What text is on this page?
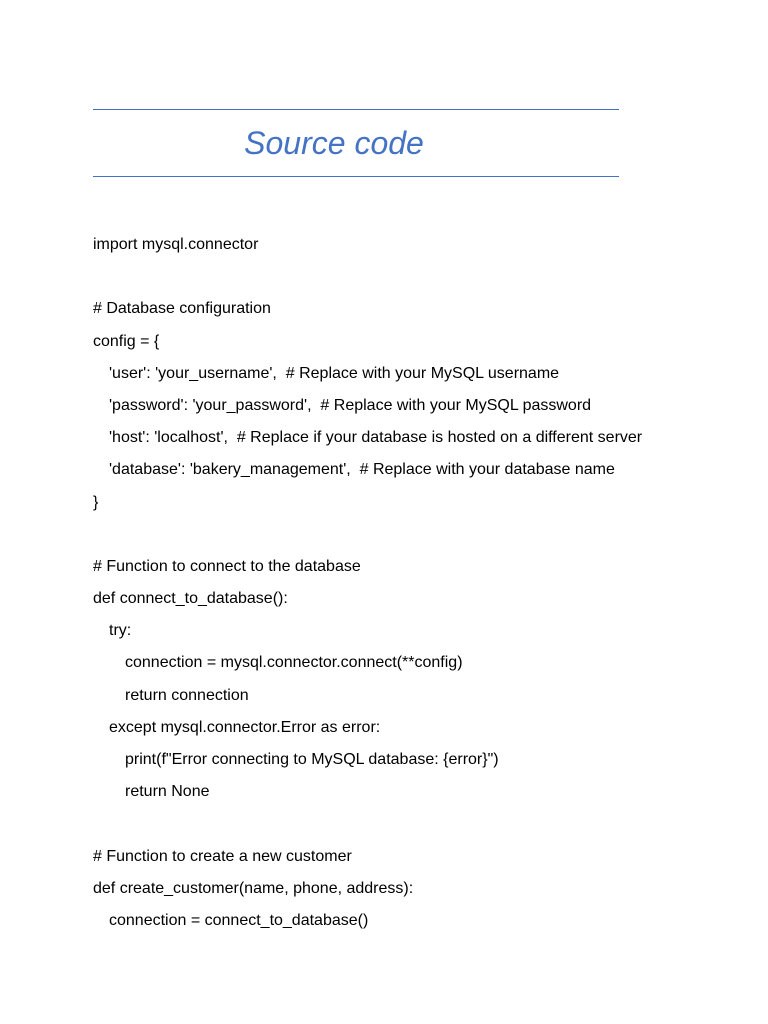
Source code
import mysql.connector
# Database configuration
config = {
'user': 'your_username',  # Replace with your MySQL username
'password': 'your_password',  # Replace with your MySQL password
'host': 'localhost',  # Replace if your database is hosted on a different server
'database': 'bakery_management',  # Replace with your database name
}
# Function to connect to the database
def connect_to_database():
try:
connection = mysql.connector.connect(**config)
return connection
except mysql.connector.Error as error:
print(f"Error connecting to MySQL database: {error}")
return None
# Function to create a new customer
def create_customer(name, phone, address):
connection = connect_to_database()
